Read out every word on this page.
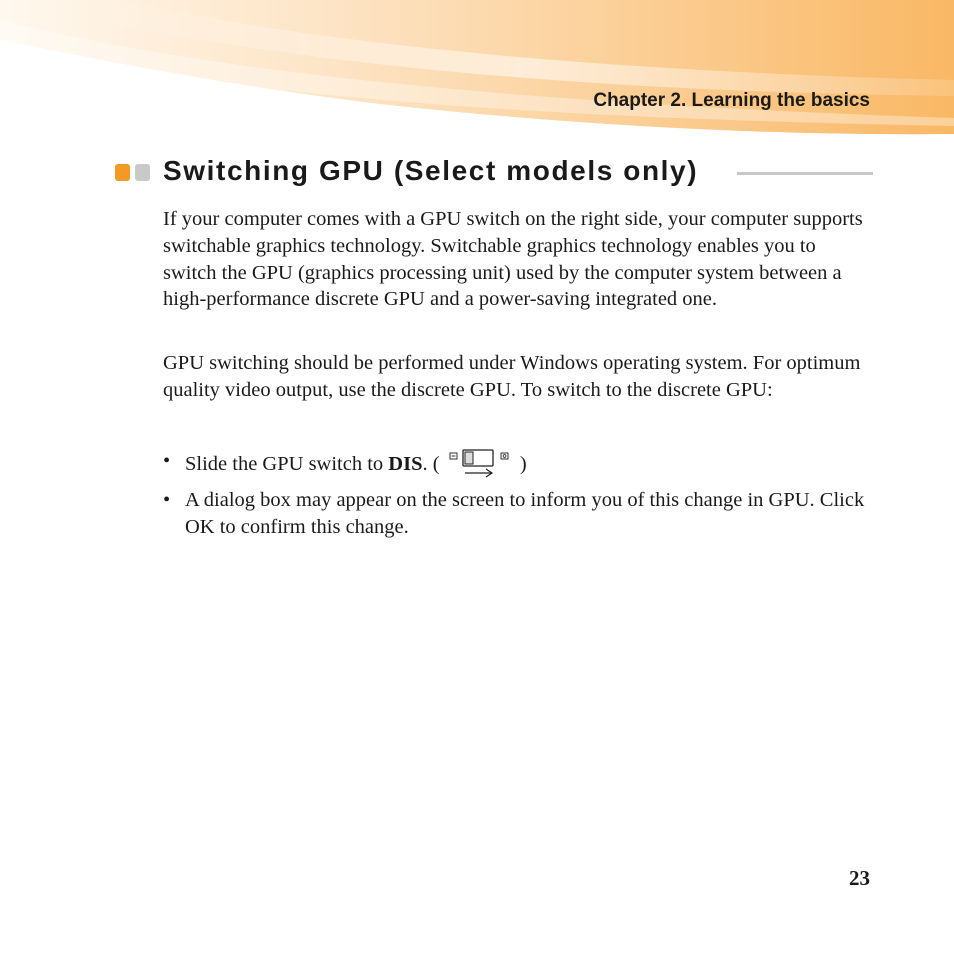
Chapter 2. Learning the basics
Switching GPU (Select models only)

If your computer comes with a GPU switch on the right side, your computer supports switchable graphics technology. Switchable graphics technology enables you to switch the GPU (graphics processing unit) used by the computer system between a high-performance discrete GPU and a power-saving integrated one.

GPU switching should be performed under Windows operating system. For optimum quality video output, use the discrete GPU. To switch to the discrete GPU:

• Slide the GPU switch to DIS. (	)
• A dialog box may appear on the screen to inform you of this change in GPU. Click OK to confirm this change.
23
